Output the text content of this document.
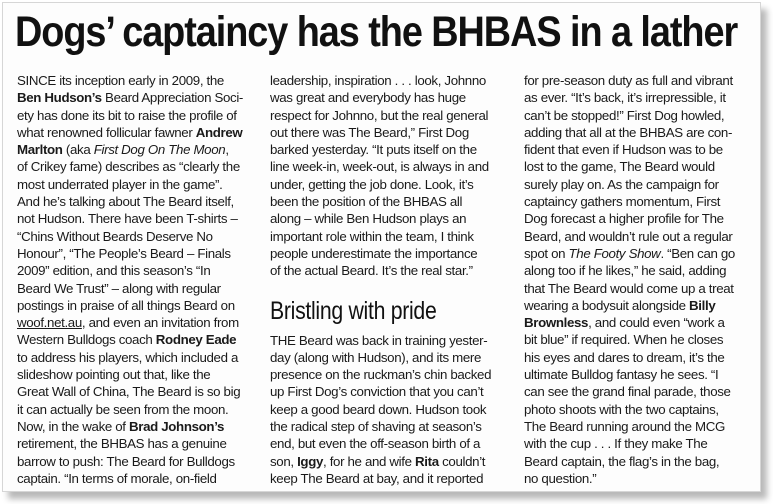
Dogs’ captaincy has the BHBAS in a lather

SINCE its inception early in 2009, the

Ben Hudson’s Beard Appreciation Soci-

ety has done its bit to raise the profile of

what renowned follicular fawner Andrew

Marlton (aka First Dog On The Moon,

of Crikey fame) describes as “clearly the

most underrated player in the game”.

And he’s talking about The Beard itself,

not Hudson. There have been T-shirts –

“Chins Without Beards Deserve No

Honour”, “The People’s Beard – Finals

2009” edition, and this season’s “In

Beard We Trust” – along with regular

postings in praise of all things Beard on

woof.net.au, and even an invitation from

Western Bulldogs coach Rodney Eade

to address his players, which included a

slideshow pointing out that, like the

Great Wall of China, The Beard is so big

it can actually be seen from the moon.

Now, in the wake of Brad Johnson’s

retirement, the BHBAS has a genuine

barrow to push: The Beard for Bulldogs

captain. “In terms of morale, on-field

leadership, inspiration . . . look, Johnno

was great and everybody has huge

respect for Johnno, but the real general

out there was The Beard,” First Dog

barked yesterday. “It puts itself on the

line week-in, week-out, is always in and

under, getting the job done. Look, it’s

been the position of the BHBAS all

along – while Ben Hudson plays an

important role within the team, I think

people underestimate the importance

of the actual Beard. It’s the real star.”

Bristling with pride

THE Beard was back in training yester-

day (along with Hudson), and its mere

presence on the ruckman’s chin backed

up First Dog’s conviction that you can’t

keep a good beard down. Hudson took

the radical step of shaving at season’s

end, but even the off-season birth of a

son, Iggy, for he and wife Rita couldn’t

keep The Beard at bay, and it reported

for pre-season duty as full and vibrant

as ever. “It’s back, it’s irrepressible, it

can’t be stopped!” First Dog howled,

adding that all at the BHBAS are con-

fident that even if Hudson was to be

lost to the game, The Beard would

surely play on. As the campaign for

captaincy gathers momentum, First

Dog forecast a higher profile for The

Beard, and wouldn’t rule out a regular

spot on The Footy Show. “Ben can go

along too if he likes,” he said, adding

that The Beard would come up a treat

wearing a bodysuit alongside Billy

Brownless, and could even “work a

bit blue” if required. When he closes

his eyes and dares to dream, it’s the

ultimate Bulldog fantasy he sees. “I

can see the grand final parade, those

photo shoots with the two captains,

The Beard running around the MCG

with the cup . . . If they make The

Beard captain, the flag’s in the bag,

no question.”
